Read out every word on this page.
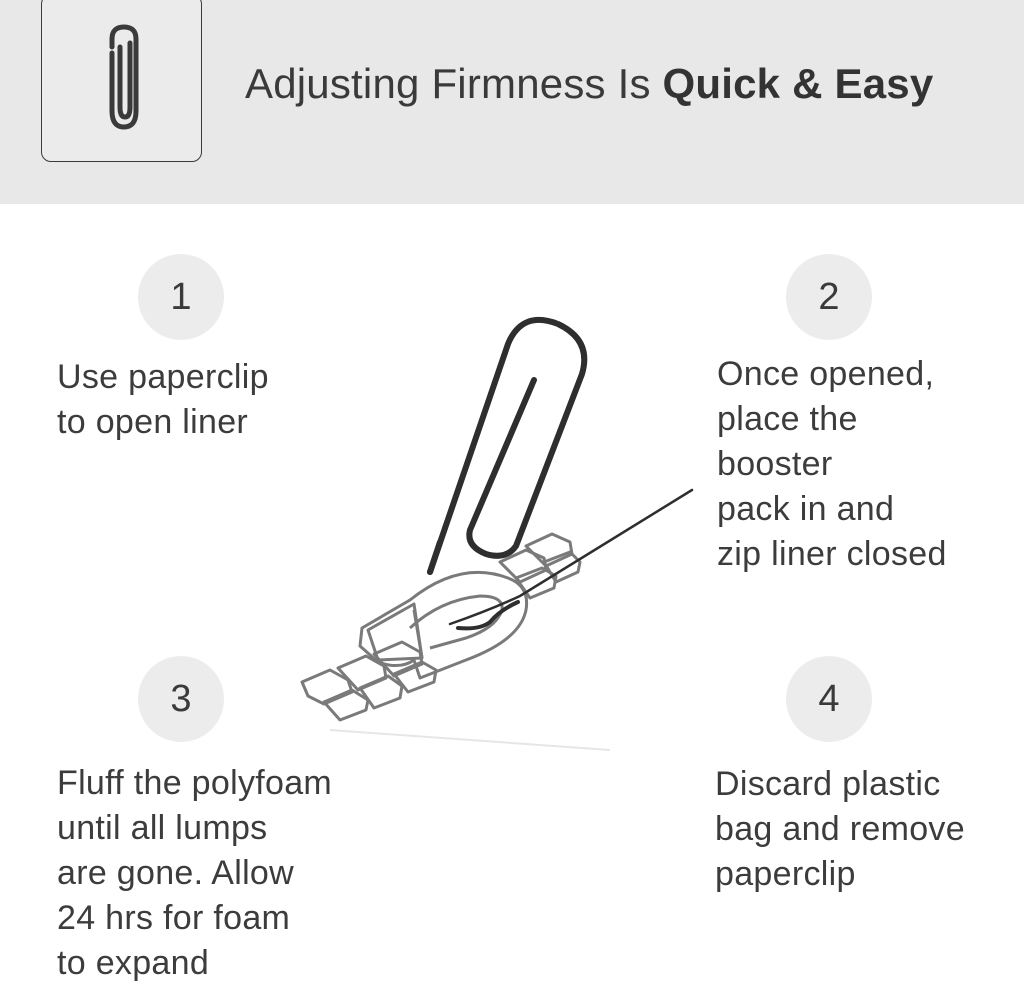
Adjusting Firmness Is Quick & Easy
1
Use paperclip
to open liner
2
Once opened,
place the
booster
pack in and
zip liner closed
3
Fluff the polyfoam
until all lumps
are gone. Allow
24 hrs for foam
to expand
4
Discard plastic
bag and remove
paperclip
